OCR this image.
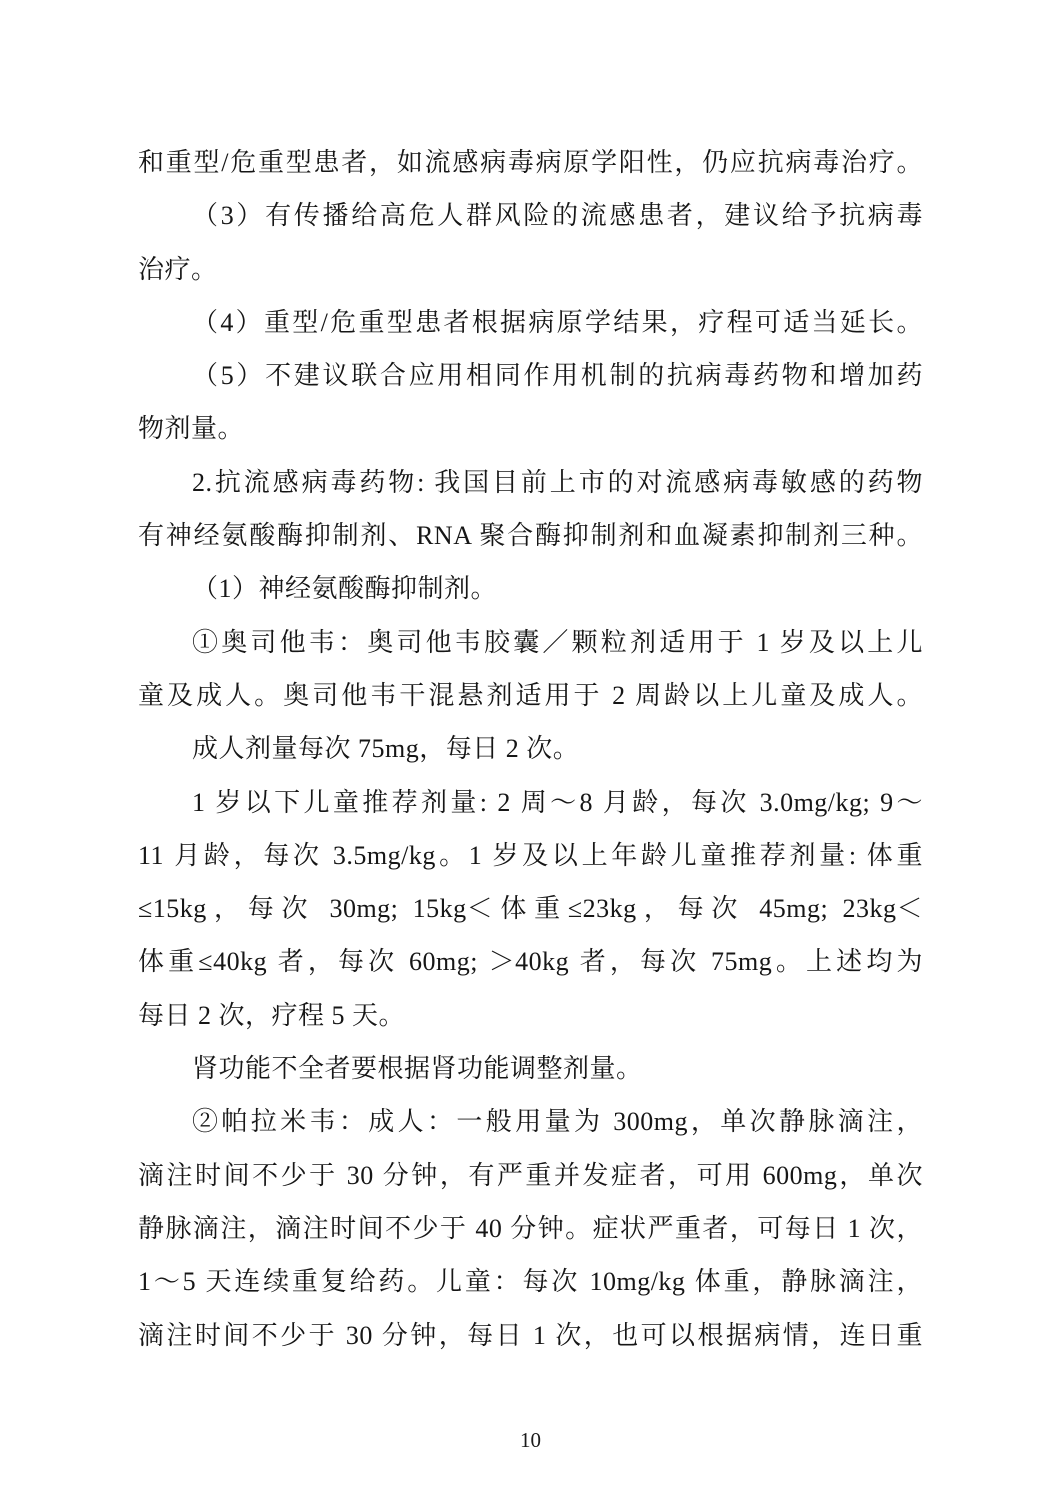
和重型/危重型患者，如流感病毒病原学阳性，仍应抗病毒治疗。
（3）有传播给高危人群风险的流感患者，建议给予抗病毒
治疗。
（4）重型/危重型患者根据病原学结果，疗程可适当延长。
（5）不建议联合应用相同作用机制的抗病毒药物和增加药
物剂量。
2.抗流感病毒药物: 我国目前上市的对流感病毒敏感的药物
有神经氨酸酶抑制剂、RNA 聚合酶抑制剂和血凝素抑制剂三种。
（1）神经氨酸酶抑制剂。
①奥司他韦：奥司他韦胶囊／颗粒剂适用于 1 岁及以上儿
童及成人。奥司他韦干混悬剂适用于 2 周龄以上儿童及成人。
成人剂量每次 75mg，每日 2 次。
1 岁以下儿童推荐剂量: 2 周～8 月龄，每次 3.0mg/kg; 9～
11 月龄，每次 3.5mg/kg。1 岁及以上年龄儿童推荐剂量: 体重
≤15kg，每次 30mg; 15kg＜体重≤23kg，每次 45mg; 23kg＜
体重≤40kg 者，每次 60mg; ＞40kg 者，每次 75mg。上述均为
每日 2 次，疗程 5 天。
肾功能不全者要根据肾功能调整剂量。
②帕拉米韦：成人：一般用量为 300mg，单次静脉滴注，
滴注时间不少于 30 分钟，有严重并发症者，可用 600mg，单次
静脉滴注，滴注时间不少于 40 分钟。症状严重者，可每日 1 次，
1～5 天连续重复给药。儿童：每次 10mg/kg 体重，静脉滴注，
滴注时间不少于 30 分钟，每日 1 次，也可以根据病情，连日重
10
